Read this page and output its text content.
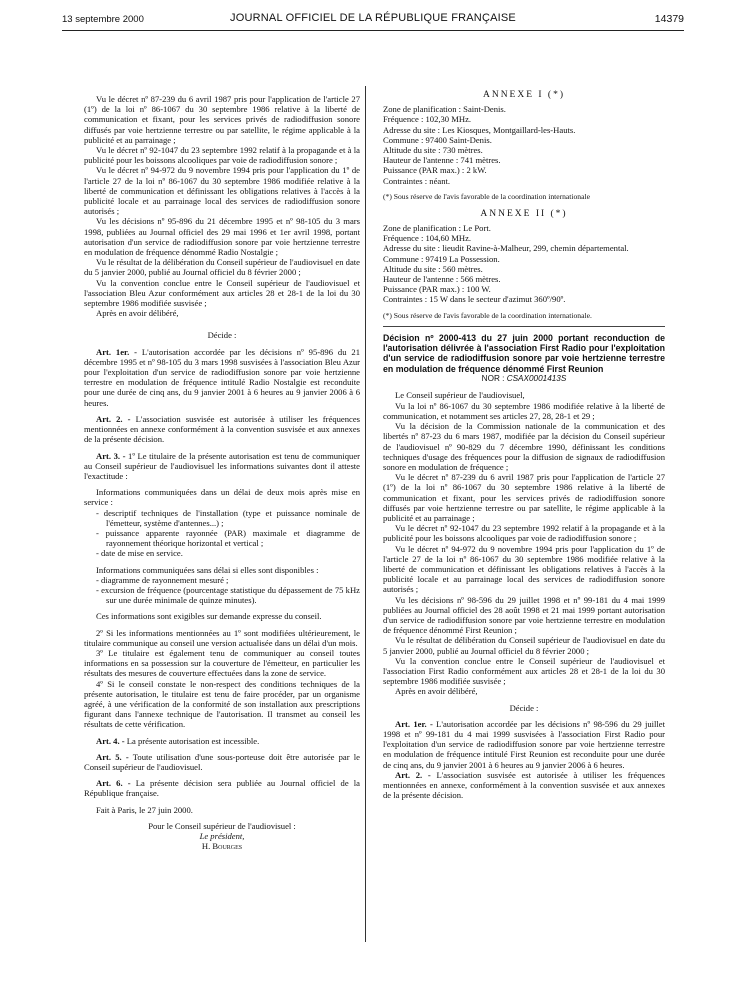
13 septembre 2000	JOURNAL OFFICIEL DE LA RÉPUBLIQUE FRANÇAISE	14379

Vu le décret nº 87-239 du 6 avril 1987 pris pour l'application de l'article 27 (1º) de la loi nº 86-1067 du 30 septembre 1986 relative à la liberté de communication et fixant, pour les services privés de radiodiffusion sonore diffusés par voie hertzienne terrestre ou par satellite, le régime applicable à la publicité et au parrainage ;

Vu le décret nº 92-1047 du 23 septembre 1992 relatif à la propagande et à la publicité pour les boissons alcooliques par voie de radiodiffusion sonore ;

Vu le décret nº 94-972 du 9 novembre 1994 pris pour l'application du 1º de l'article 27 de la loi nº 86-1067 du 30 septembre 1986 modifiée relative à la liberté de communication et définissant les obligations relatives à l'accès à la publicité locale et au parrainage local des services de radiodiffusion sonore autorisés ;

Vu les décisions nº 95-896 du 21 décembre 1995 et nº 98-105 du 3 mars 1998, publiées au Journal officiel des 29 mai 1996 et 1er avril 1998, portant autorisation d'un service de radiodiffusion sonore par voie hertzienne terrestre en modulation de fréquence dénommé Radio Nostalgie ;

Vu le résultat de la délibération du Conseil supérieur de l'audiovisuel en date du 5 janvier 2000, publié au Journal officiel du 8 février 2000 ;

Vu la convention conclue entre le Conseil supérieur de l'audiovisuel et l'association Bleu Azur conformément aux articles 28 et 28-1 de la loi du 30 septembre 1986 modifiée susvisée ;

Après en avoir délibéré,

Décide :

Art. 1er. - L'autorisation accordée par les décisions nº 95-896 du 21 décembre 1995 et nº 98-105 du 3 mars 1998 susvisées à l'association Bleu Azur pour l'exploitation d'un service de radiodiffusion sonore par voie hertzienne terrestre en modulation de fréquence intitulé Radio Nostalgie est reconduite pour une durée de cinq ans, du 9 janvier 2001 à 6 heures au 9 janvier 2006 à 6 heures.

Art. 2. - L'association susvisée est autorisée à utiliser les fréquences mentionnées en annexe conformément à la convention susvisée et aux annexes de la présente décision.

Art. 3. - 1º Le titulaire de la présente autorisation est tenu de communiquer au Conseil supérieur de l'audiovisuel les informations suivantes dont il atteste l'exactitude :

Informations communiquées dans un délai de deux mois après mise en service :

- descriptif techniques de l'installation (type et puissance nominale de l'émetteur, système d'antennes...) ;

- puissance apparente rayonnée (PAR) maximale et diagramme de rayonnement théorique horizontal et vertical ;

- date de mise en service.

Informations communiquées sans délai si elles sont disponibles :

- diagramme de rayonnement mesuré ;

- excursion de fréquence (pourcentage statistique du dépassement de 75 kHz sur une durée minimale de quinze minutes).

Ces informations sont exigibles sur demande expresse du conseil.

2º Si les informations mentionnées au 1º sont modifiées ultérieurement, le titulaire communique au conseil une version actualisée dans un délai d'un mois.

3º Le titulaire est également tenu de communiquer au conseil toutes informations en sa possession sur la couverture de l'émetteur, en particulier les résultats des mesures de couverture effectuées dans la zone de service.

4º Si le conseil constate le non-respect des conditions techniques de la présente autorisation, le titulaire est tenu de faire procéder, par un organisme agréé, à une vérification de la conformité de son installation aux prescriptions figurant dans l'annexe technique de l'autorisation. Il transmet au conseil les résultats de cette vérification.

Art. 4. - La présente autorisation est incessible.

Art. 5. - Toute utilisation d'une sous-porteuse doit être autorisée par le Conseil supérieur de l'audiovisuel.

Art. 6. - La présente décision sera publiée au Journal officiel de la République française.

Fait à Paris, le 27 juin 2000.

Pour le Conseil supérieur de l'audiovisuel :

Le président,

H. Bourges

ANNEXE I (*)

Zone de planification : Saint-Denis.

Fréquence : 102,30 MHz.

Adresse du site : Les Kiosques, Montgaillard-les-Hauts.

Commune : 97400 Saint-Denis.

Altitude du site : 730 mètres.

Hauteur de l'antenne : 741 mètres.

Puissance (PAR max.) : 2 kW.

Contraintes : néant.

(*) Sous réserve de l'avis favorable de la coordination internationale

ANNEXE II (*)

Zone de planification : Le Port.

Fréquence : 104,60 MHz.

Adresse du site : lieudit Ravine-à-Malheur, 299, chemin départemental.

Commune : 97419 La Possession.

Altitude du site : 560 mètres.

Hauteur de l'antenne : 566 mètres.

Puissance (PAR max.) : 100 W.

Contraintes : 15 W dans le secteur d'azimut 360º/90º.

(*) Sous réserve de l'avis favorable de la coordination internationale.

Décision nº 2000-413 du 27 juin 2000 portant reconduction de l'autorisation délivrée à l'association First Radio pour l'exploitation d'un service de radiodiffusion sonore par voie hertzienne terrestre en modulation de fréquence dénommé First Reunion

NOR : CSAX0001413S

Le Conseil supérieur de l'audiovisuel,

Vu la loi nº 86-1067 du 30 septembre 1986 modifiée relative à la liberté de communication, et notamment ses articles 27, 28, 28-1 et 29 ;

Vu la décision de la Commission nationale de la communication et des libertés nº 87-23 du 6 mars 1987, modifiée par la décision du Conseil supérieur de l'audiovisuel nº 90-829 du 7 décembre 1990, définissant les conditions techniques d'usage des fréquences pour la diffusion de signaux de radiodiffusion sonore en modulation de fréquence ;

Vu le décret nº 87-239 du 6 avril 1987 pris pour l'application de l'article 27 (1º) de la loi nº 86-1067 du 30 septembre 1986 relative à la liberté de communication et fixant, pour les services privés de radiodiffusion sonore diffusés par voie hertzienne terrestre ou par satellite, le régime applicable à la publicité et au parrainage ;

Vu le décret nº 92-1047 du 23 septembre 1992 relatif à la propagande et à la publicité pour les boissons alcooliques par voie de radiodiffusion sonore ;

Vu le décret nº 94-972 du 9 novembre 1994 pris pour l'application du 1º de l'article 27 de la loi nº 86-1067 du 30 septembre 1986 modifiée relative à la liberté de communication et définissant les obligations relatives à l'accès à la publicité locale et au parrainage local des services de radiodiffusion sonore autorisés ;

Vu les décisions nº 98-596 du 29 juillet 1998 et nº 99-181 du 4 mai 1999 publiées au Journal officiel des 28 août 1998 et 21 mai 1999 portant autorisation d'un service de radiodiffusion sonore par voie hertzienne terrestre en modulation de fréquence dénommé First Reunion ;

Vu le résultat de délibération du Conseil supérieur de l'audiovisuel en date du 5 janvier 2000, publié au Journal officiel du 8 février 2000 ;

Vu la convention conclue entre le Conseil supérieur de l'audiovisuel et l'association First Radio conformément aux articles 28 et 28-1 de la loi du 30 septembre 1986 modifiée susvisée ;

Après en avoir délibéré,

Décide :

Art. 1er. - L'autorisation accordée par les décisions nº 98-596 du 29 juillet 1998 et nº 99-181 du 4 mai 1999 susvisées à l'association First Radio pour l'exploitation d'un service de radiodiffusion sonore par voie hertzienne terrestre en modulation de fréquence intitulé First Reunion est reconduite pour une durée de cinq ans, du 9 janvier 2001 à 6 heures au 9 janvier 2006 à 6 heures.

Art. 2. - L'association susvisée est autorisée à utiliser les fréquences mentionnées en annexe, conformément à la convention susvisée et aux annexes de la présente décision.
